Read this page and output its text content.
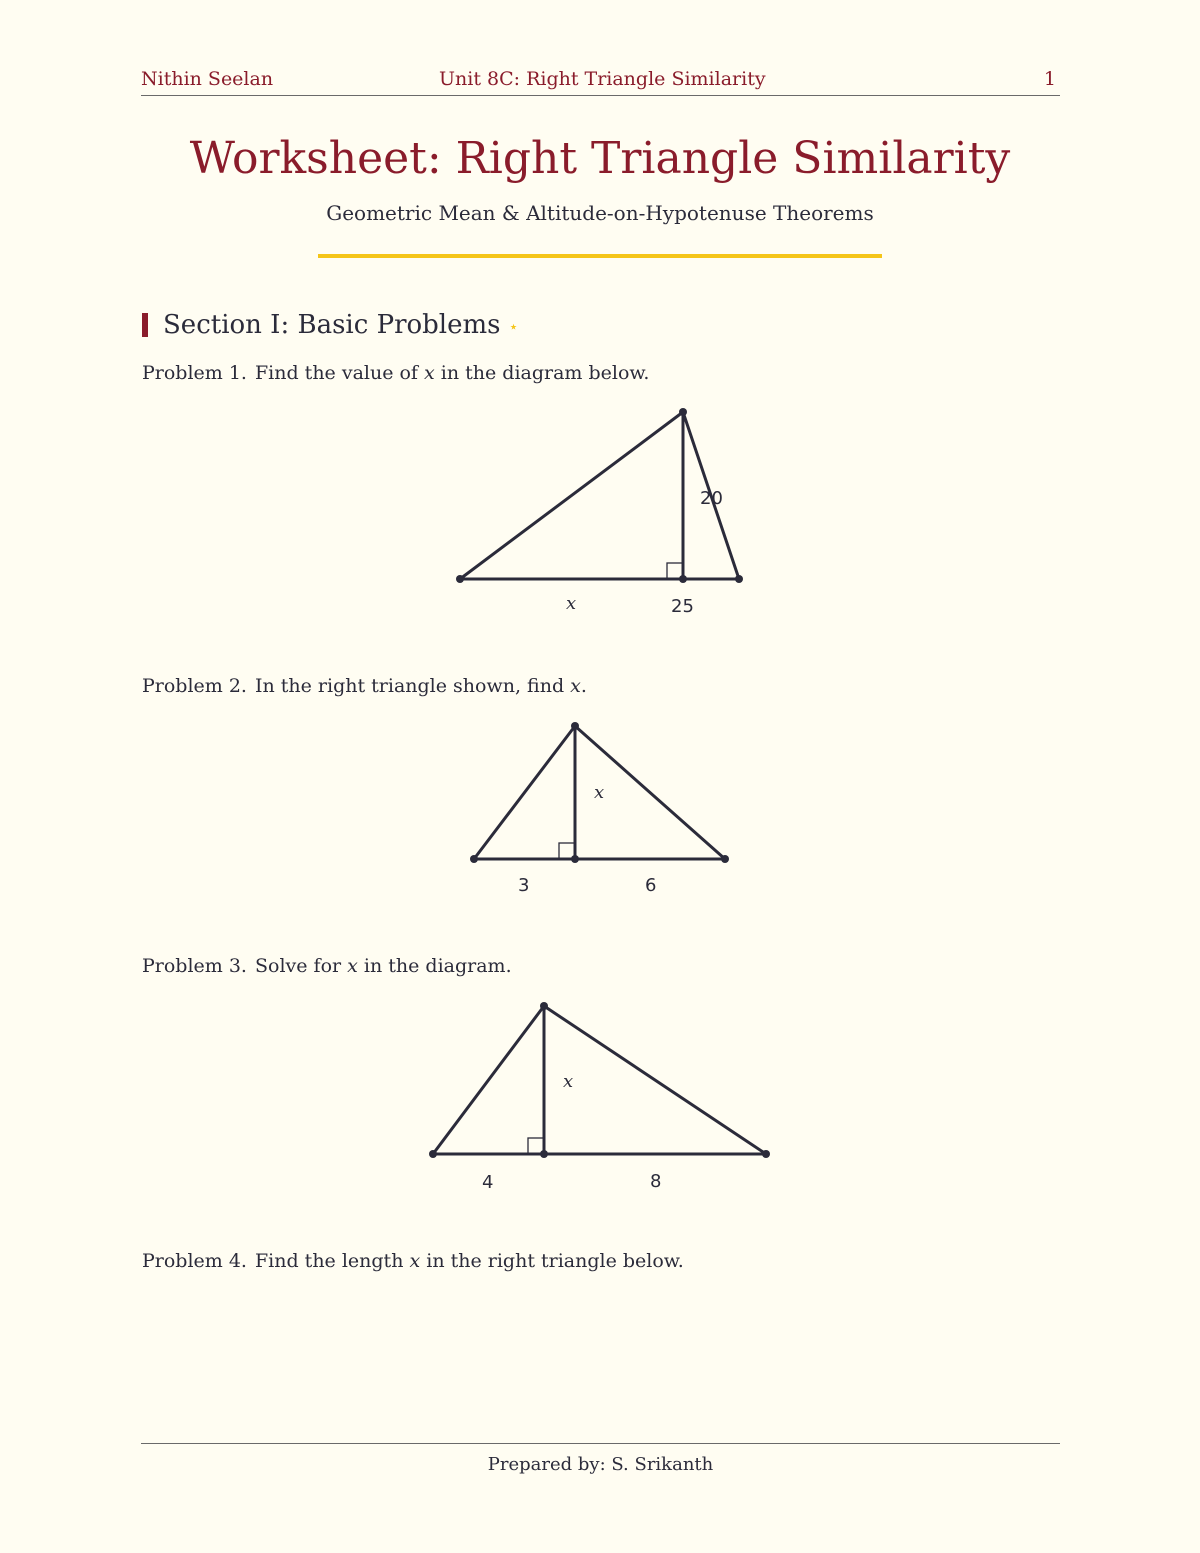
Nithin Seelan	Unit 8C: Right Triangle Similarity	1
Worksheet: Right Triangle Similarity
Geometric Mean & Altitude-on-Hypotenuse Theorems
Section I: Basic Problems ⋆
Problem 1. Find the value of x in the diagram below.
20
x	25
Problem 2. In the right triangle shown, find x.
x
3	6
Problem 3. Solve for x in the diagram.
x
4	8
Problem 4. Find the length x in the right triangle below.
Prepared by: S. Srikanth
